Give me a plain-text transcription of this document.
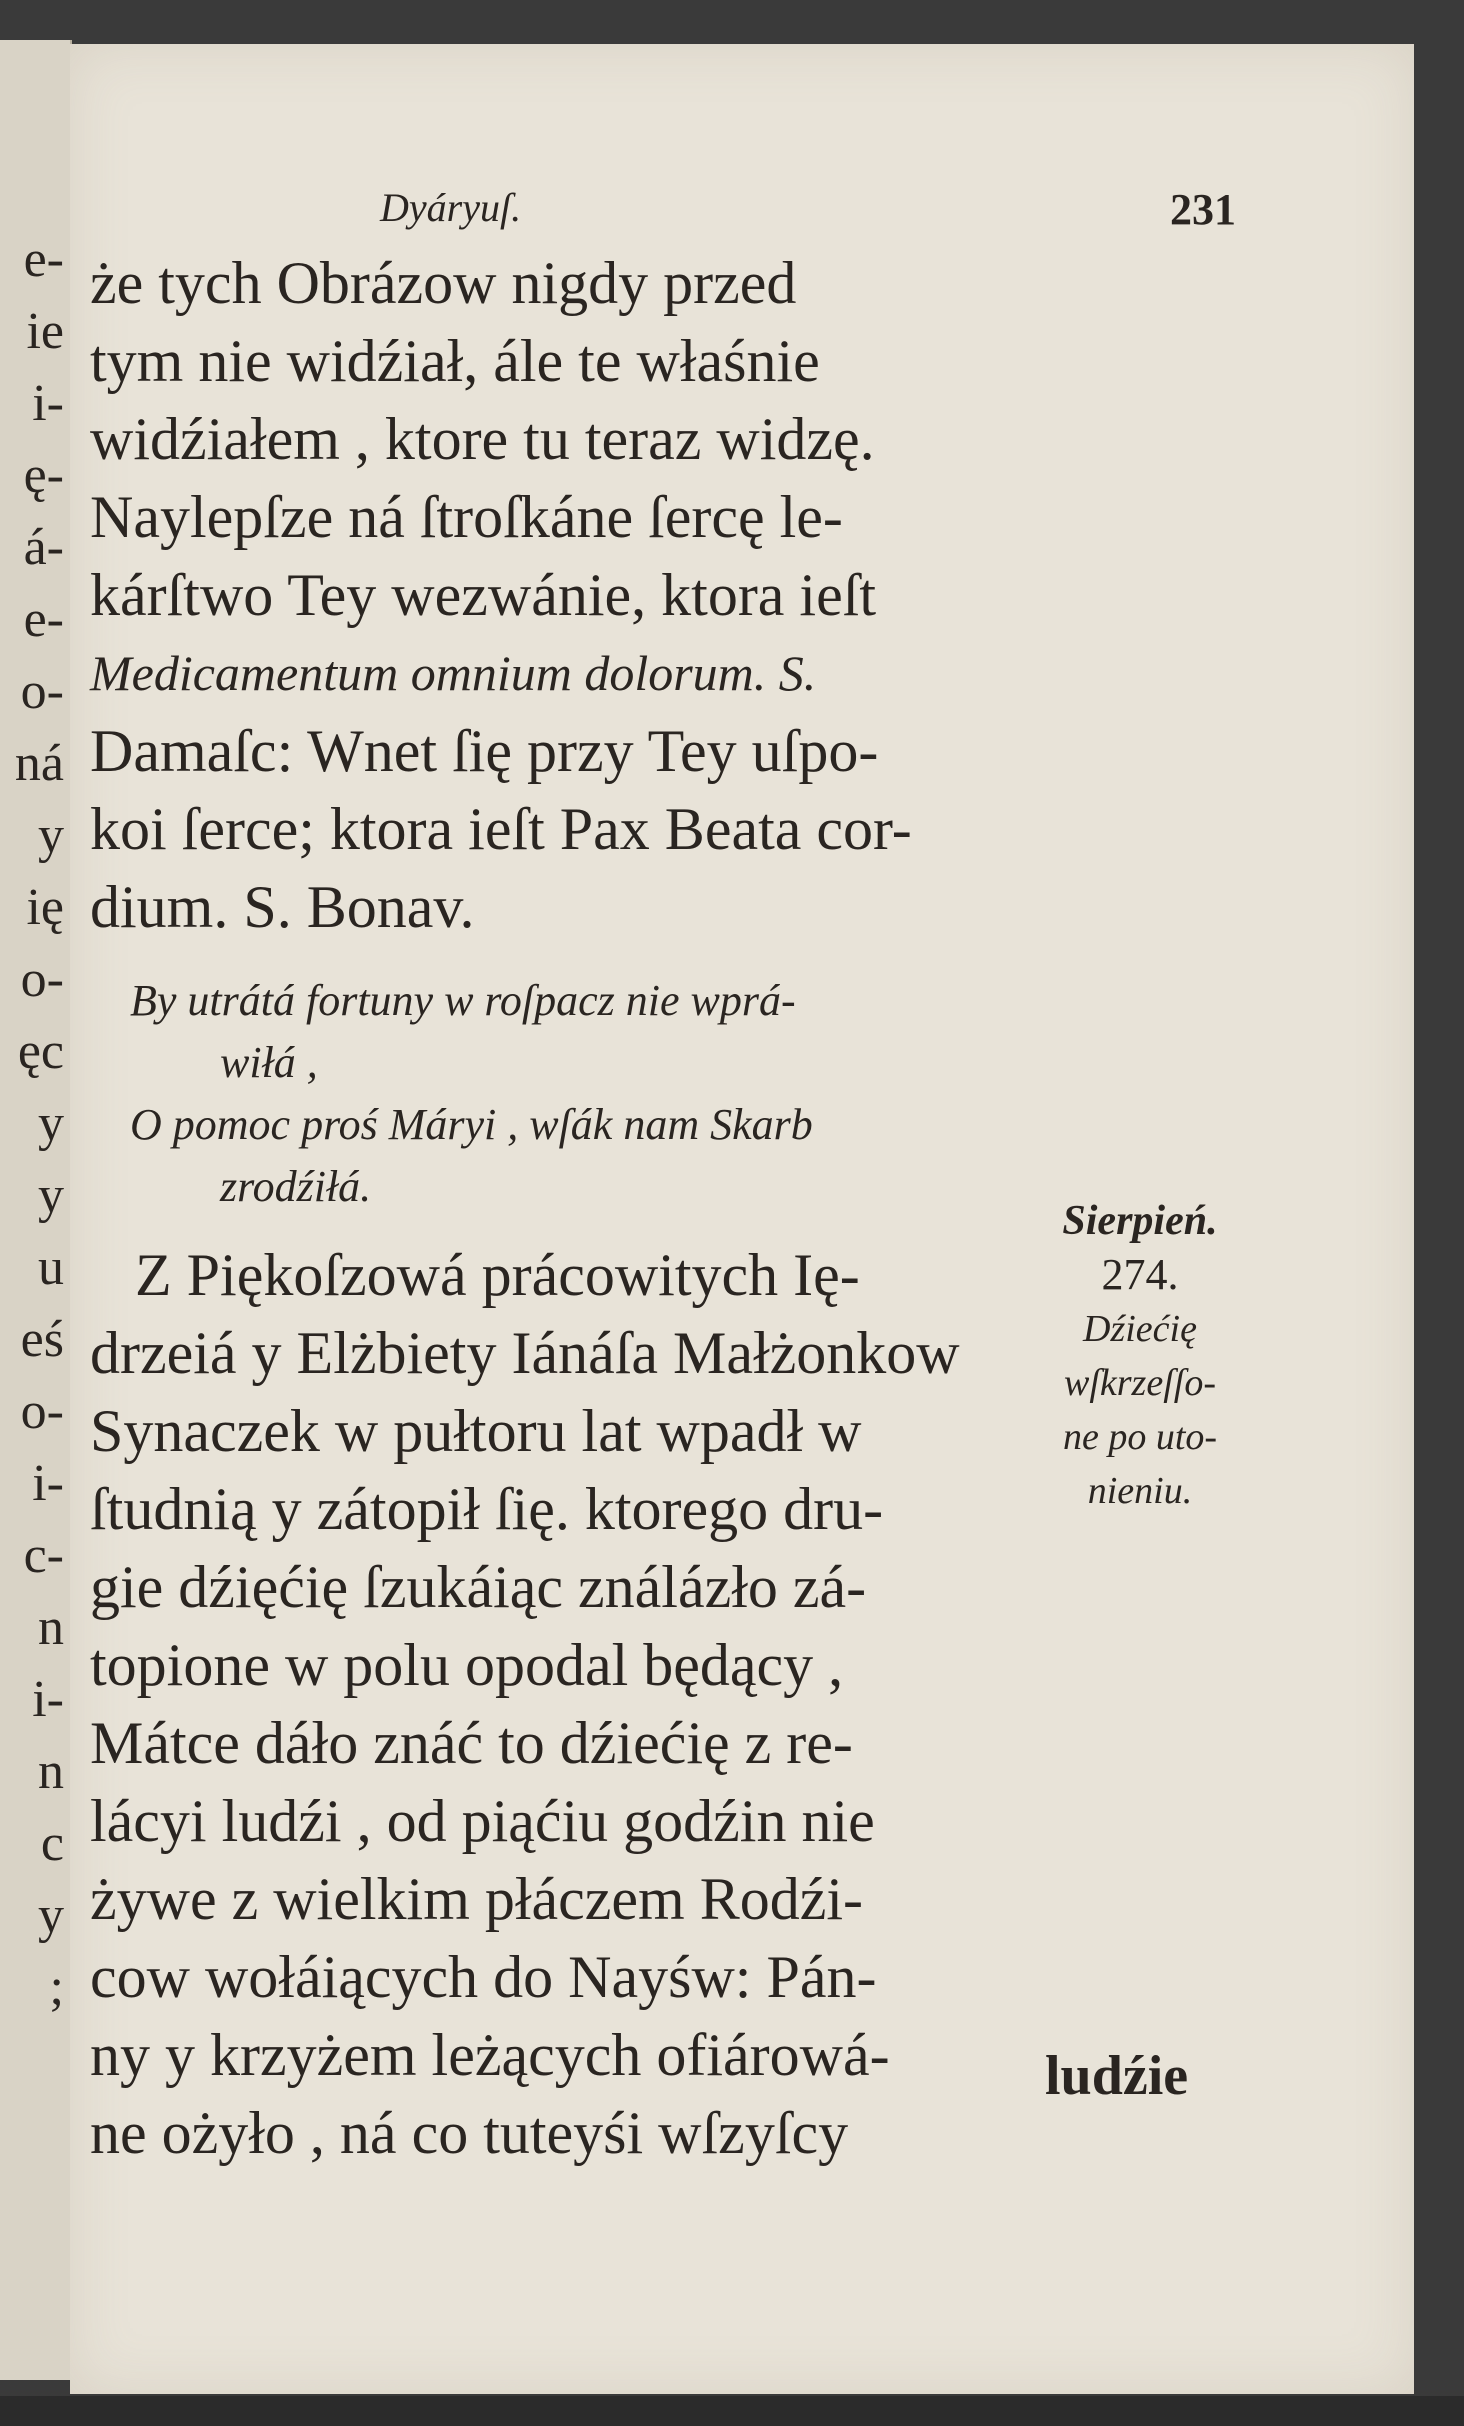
e-
ie
i-
ę-
á-
e-
o-
ná
y
ię
o-
ęc
y
y
u
eś
o-
i-
c-
n
i-
n
c
y
;
Dyáryuſ.	231
że tych Obrázow nigdy przed
tym nie widźiał, ále te właśnie
widźiałem , ktore tu teraz widzę.
Naylepſze ná ſtroſkáne ſercę le-
kárſtwo Tey wezwánie, ktora ieſt
Medicamentum omnium dolorum. S.
Damaſc: Wnet ſię przy Tey uſpo-
koi ſerce; ktora ieſt Pax Beata cor-
dium. S. Bonav.
By utrátá fortuny w roſpacz nie wprá-
wiłá ,
O pomoc proś Máryi , wſák nam Skarb
zrodźiłá.
Z Piękoſzowá prácowitych Ię-
drzeiá y Elżbiety Iánáſa Małżonkow
Synaczek w pułtoru lat wpadł w
ſtudnią y zátopił ſię. ktorego dru-
gie dźięćię ſzukáiąc ználázło zá-
topione w polu opodal będący ,
Mátce dáło znáć to dźiećię z re-
lácyi ludźi , od piąćiu godźin nie
żywe z wielkim płáczem Rodźi-
cow wołáiących do Nayśw: Pán-
ny y krzyżem leżących ofiárowá-
ne ożyło , ná co tuteyśi wſzyſcy
Sierpień.
274.
Dźiećię
wſkrzeſſo-
ne po uto-
nieniu.
ludźie
